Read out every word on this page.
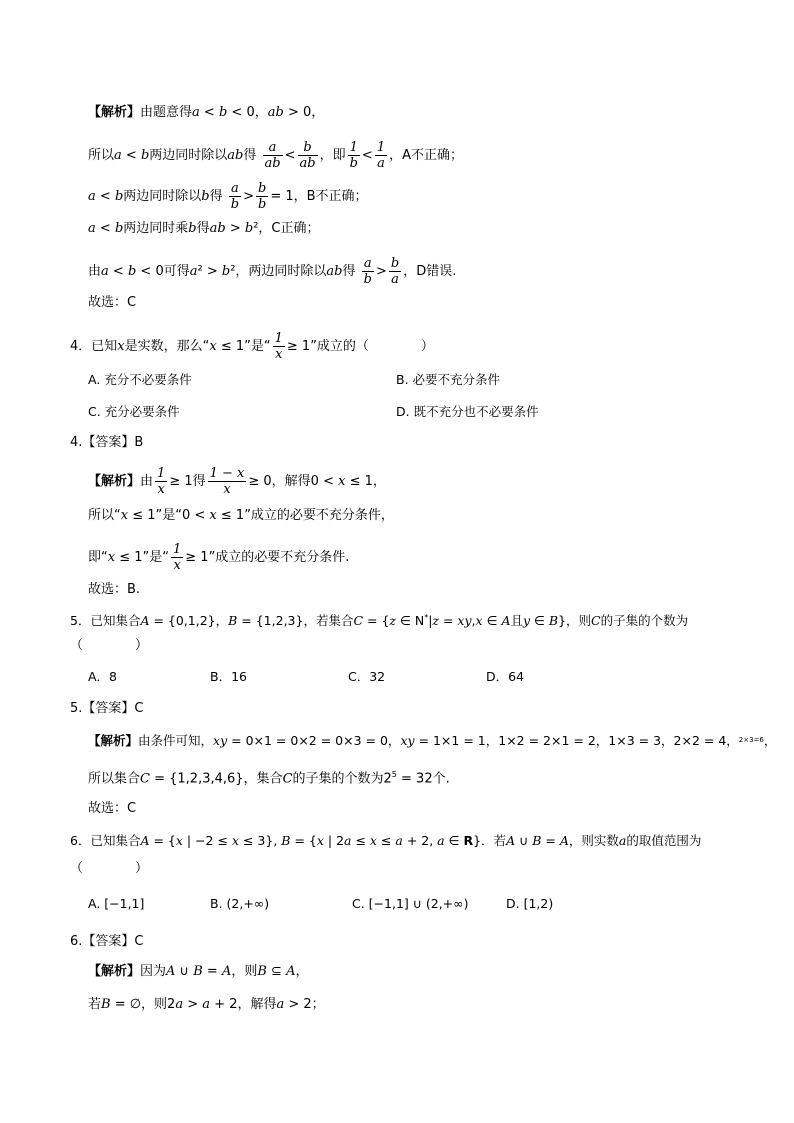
【解析】由题意得a < b < 0，ab > 0，
所以a < b两边同时除以ab得 $\frac{a}{ab} < \frac{b}{ab}$ ，即 $\frac{1}{b} < \frac{1}{a}$ ，A不正确；
a < b两边同时除以b得 $\frac{a}{b} > \frac{b}{b} = 1$，B不正确；
a < b两边同时乘b得ab > b²，C正确；
由a < b < 0可得a² > b²，两边同时除以ab得 $\frac{a}{b} > \frac{b}{a}$ ，D错误.
故选：C
4．已知x是实数，那么“x ≤ 1”是“ $\frac{1}{x} \ge 1$”成立的（　　　　）
A. 充分不必要条件	B. 必要不充分条件
C. 充分必要条件	D. 既不充分也不必要条件
4.【答案】B
【解析】由 $\frac{1}{x} \ge 1$得 $\frac{1 - x}{x} \ge 0$，解得0 < x ≤ 1，
所以“x ≤ 1”是“0 < x ≤ 1”成立的必要不充分条件，
即“x ≤ 1”是“ $\frac{1}{x} \ge 1$”成立的必要不充分条件.
故选：B.
5．已知集合A = {0,1,2}，B = {1,2,3}，若集合C = {z ∈ N*|z = xy,x ∈ A且y ∈ B}，则C的子集的个数为
（　　　　）
A．8	B．16	C．32	D．64
5.【答案】C
【解析】由条件可知，xy = 0×1 = 0×2 = 0×3 = 0，xy = 1×1 = 1，1×2 = 2×1 = 2，1×3 = 3，2×2 = 4，$^{2\times 3=6}$，
所以集合C = {1,2,3,4,6}，集合C的子集的个数为$2^5 = 32$个.
故选：C
6．已知集合A = {x | −2 ≤ x ≤ 3}, B = {x | 2a ≤ x ≤ a + 2, a ∈ R}．若A ∪ B = A，则实数a的取值范围为
（　　　　）
A. [−1,1]	B. (2,+∞)	C. [−1,1] ∪ (2,+∞)	D. [1,2)
6.【答案】C
【解析】因为A ∪ B = A，则B ⊆ A，
若B = ∅，则2a > a + 2，解得a > 2；
